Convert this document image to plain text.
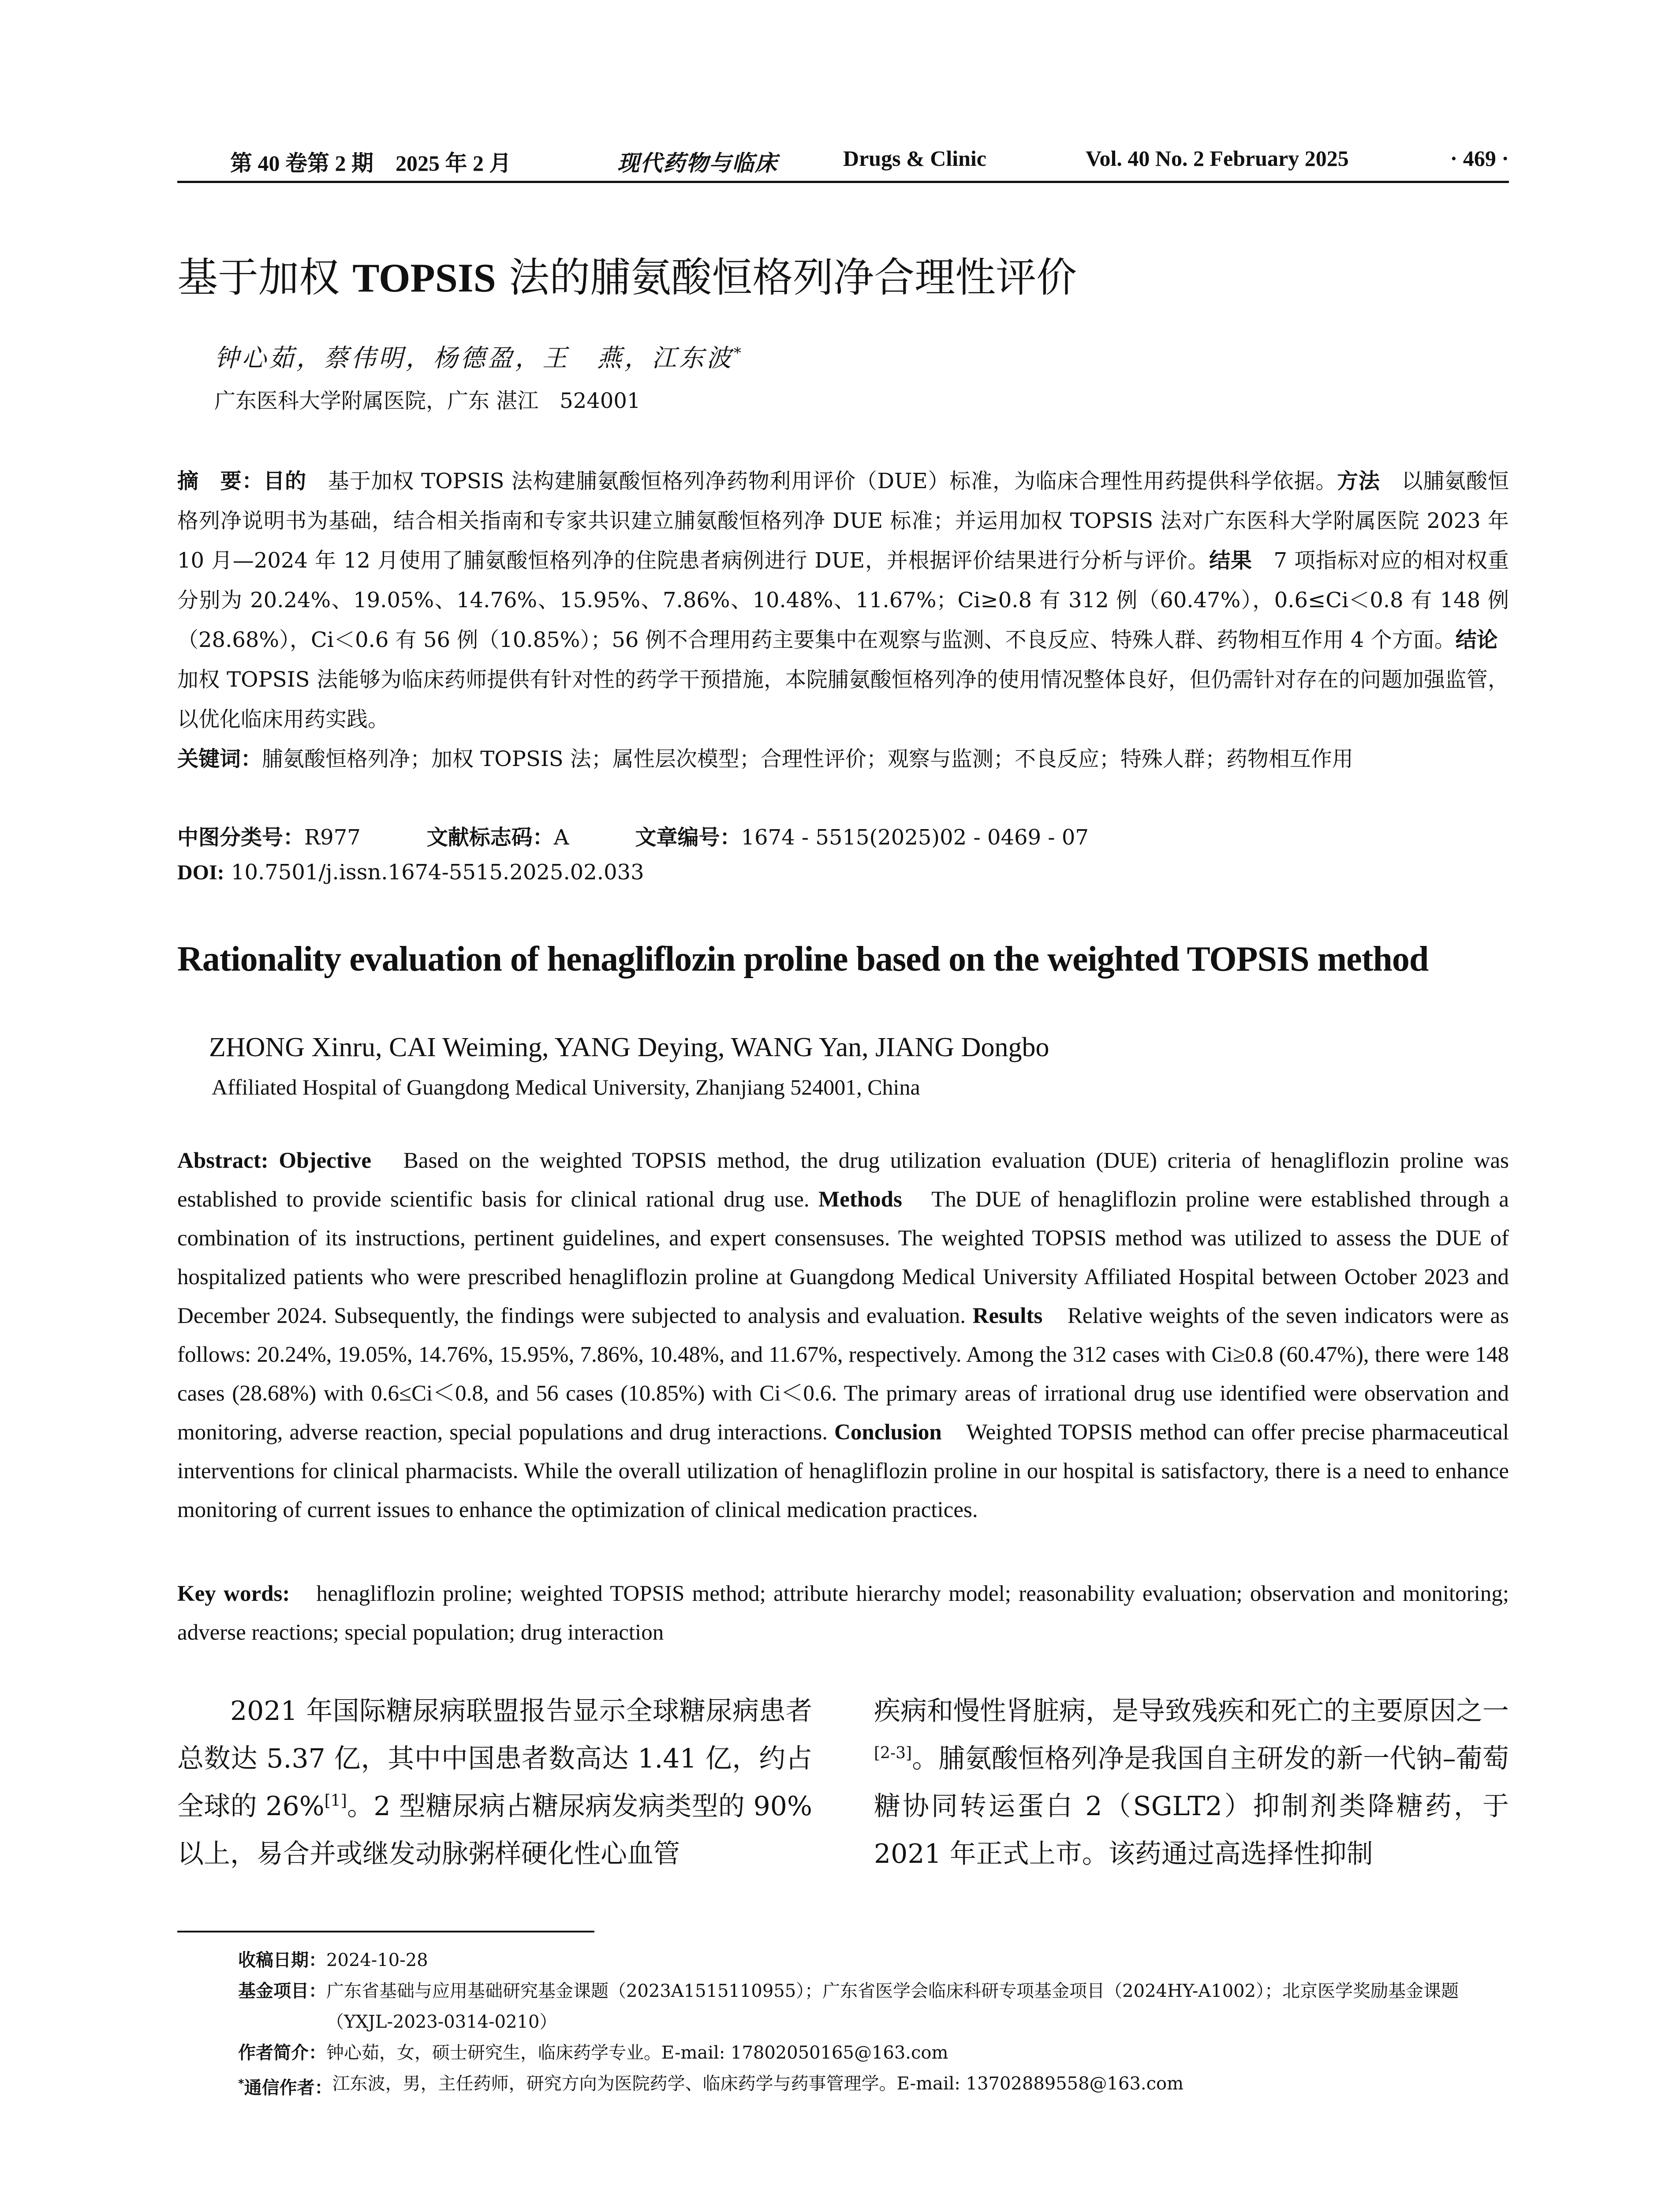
第 40 卷第 2 期　2025 年 2 月	现代药物与临床	Drugs & Clinic	Vol. 40 No. 2 February 2025	· 469 ·
基于加权 TOPSIS 法的脯氨酸恒格列净合理性评价
钟心茹，蔡伟明，杨德盈，王　燕，江东波*
广东医科大学附属医院，广东 湛江　524001
摘　要：目的　基于加权 TOPSIS 法构建脯氨酸恒格列净药物利用评价（DUE）标准，为临床合理性用药提供科学依据。方法　以脯氨酸恒格列净说明书为基础，结合相关指南和专家共识建立脯氨酸恒格列净 DUE 标准；并运用加权 TOPSIS 法对广东医科大学附属医院 2023 年 10 月—2024 年 12 月使用了脯氨酸恒格列净的住院患者病例进行 DUE，并根据评价结果进行分析与评价。结果　7 项指标对应的相对权重分别为 20.24%、19.05%、14.76%、15.95%、7.86%、10.48%、11.67%；Ci≥0.8 有 312 例（60.47%），0.6≤Ci＜0.8 有 148 例（28.68%），Ci＜0.6 有 56 例（10.85%）；56 例不合理用药主要集中在观察与监测、不良反应、特殊人群、药物相互作用 4 个方面。结论　加权 TOPSIS 法能够为临床药师提供有针对性的药学干预措施，本院脯氨酸恒格列净的使用情况整体良好，但仍需针对存在的问题加强监管，以优化临床用药实践。
关键词：脯氨酸恒格列净；加权 TOPSIS 法；属性层次模型；合理性评价；观察与监测；不良反应；特殊人群；药物相互作用
中图分类号：R977	文献标志码：A	文章编号：1674 - 5515(2025)02 - 0469 - 07
DOI: 10.7501/j.issn.1674-5515.2025.02.033
Rationality evaluation of henagliflozin proline based on the weighted TOPSIS method
ZHONG Xinru, CAI Weiming, YANG Deying, WANG Yan, JIANG Dongbo
Affiliated Hospital of Guangdong Medical University, Zhanjiang 524001, China
Abstract: Objective　Based on the weighted TOPSIS method, the drug utilization evaluation (DUE) criteria of henagliflozin proline was established to provide scientific basis for clinical rational drug use. Methods　The DUE of henagliflozin proline were established through a combination of its instructions, pertinent guidelines, and expert consensuses. The weighted TOPSIS method was utilized to assess the DUE of hospitalized patients who were prescribed henagliflozin proline at Guangdong Medical University Affiliated Hospital between October 2023 and December 2024. Subsequently, the findings were subjected to analysis and evaluation. Results　Relative weights of the seven indicators were as follows: 20.24%, 19.05%, 14.76%, 15.95%, 7.86%, 10.48%, and 11.67%, respectively. Among the 312 cases with Ci≥0.8 (60.47%), there were 148 cases (28.68%) with 0.6≤Ci＜0.8, and 56 cases (10.85%) with Ci＜0.6. The primary areas of irrational drug use identified were observation and monitoring, adverse reaction, special populations and drug interactions. Conclusion　Weighted TOPSIS method can offer precise pharmaceutical interventions for clinical pharmacists. While the overall utilization of henagliflozin proline in our hospital is satisfactory, there is a need to enhance monitoring of current issues to enhance the optimization of clinical medication practices.
Key words:　henagliflozin proline; weighted TOPSIS method; attribute hierarchy model; reasonability evaluation; observation and monitoring; adverse reactions; special population; drug interaction
2021 年国际糖尿病联盟报告显示全球糖尿病患者总数达 5.37 亿，其中中国患者数高达 1.41 亿，约占全球的 26%[1]。2 型糖尿病占糖尿病发病类型的 90%以上，易合并或继发动脉粥样硬化性心血管
疾病和慢性肾脏病，是导致残疾和死亡的主要原因之一[2-3]。脯氨酸恒格列净是我国自主研发的新一代钠–葡萄糖协同转运蛋白 2（SGLT2）抑制剂类降糖药，于 2021 年正式上市。该药通过高选择性抑制
收稿日期： 2024-10-28
基金项目： 广东省基础与应用基础研究基金课题（2023A1515110955）；广东省医学会临床科研专项基金项目（2024HY-A1002）；北京医学奖励基金课题（YXJL-2023-0314-0210）
作者简介： 钟心茹，女，硕士研究生，临床药学专业。E-mail: 17802050165@163.com
*通信作者： 江东波，男，主任药师，研究方向为医院药学、临床药学与药事管理学。E-mail: 13702889558@163.com
